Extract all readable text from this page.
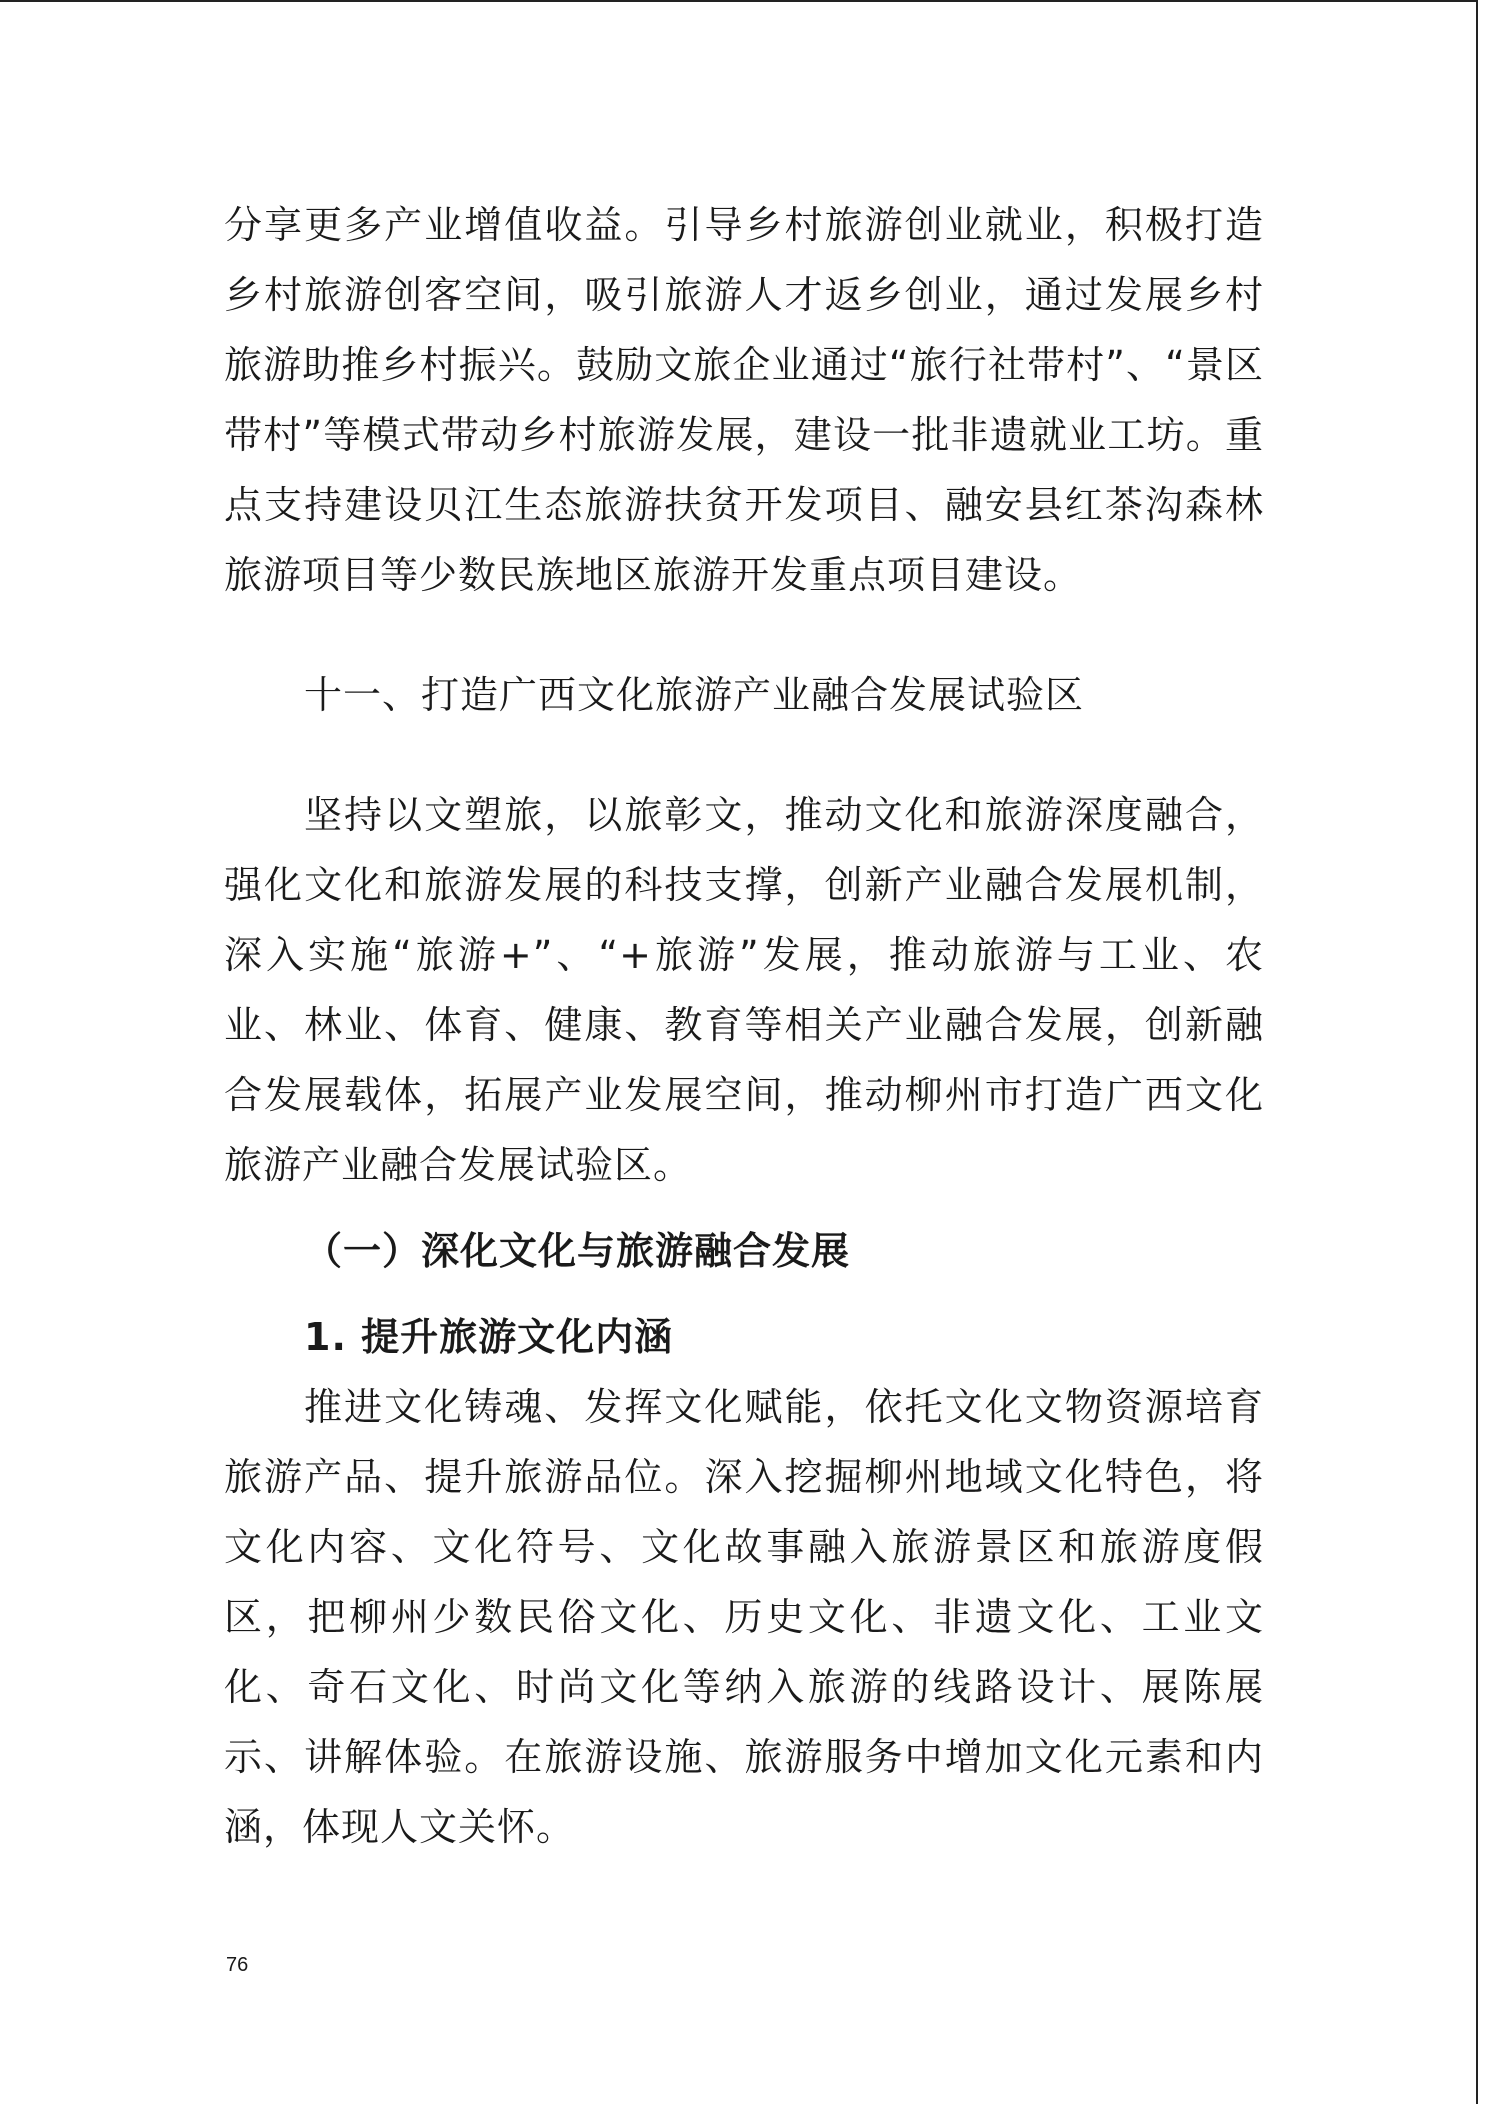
分享更多产业增值收益。引导乡村旅游创业就业，积极打造乡村旅游创客空间，吸引旅游人才返乡创业，通过发展乡村旅游助推乡村振兴。鼓励文旅企业通过“旅行社带村”、“景区带村”等模式带动乡村旅游发展，建设一批非遗就业工坊。重点支持建设贝江生态旅游扶贫开发项目、融安县红茶沟森林旅游项目等少数民族地区旅游开发重点项目建设。

十一、打造广西文化旅游产业融合发展试验区

坚持以文塑旅，以旅彰文，推动文化和旅游深度融合，强化文化和旅游发展的科技支撑，创新产业融合发展机制，深入实施“旅游+”、“+旅游”发展，推动旅游与工业、农业、林业、体育、健康、教育等相关产业融合发展，创新融合发展载体，拓展产业发展空间，推动柳州市打造广西文化旅游产业融合发展试验区。

（一）深化文化与旅游融合发展

1. 提升旅游文化内涵

推进文化铸魂、发挥文化赋能，依托文化文物资源培育旅游产品、提升旅游品位。深入挖掘柳州地域文化特色，将文化内容、文化符号、文化故事融入旅游景区和旅游度假区，把柳州少数民俗文化、历史文化、非遗文化、工业文化、奇石文化、时尚文化等纳入旅游的线路设计、展陈展示、讲解体验。在旅游设施、旅游服务中增加文化元素和内涵，体现人文关怀。

76
